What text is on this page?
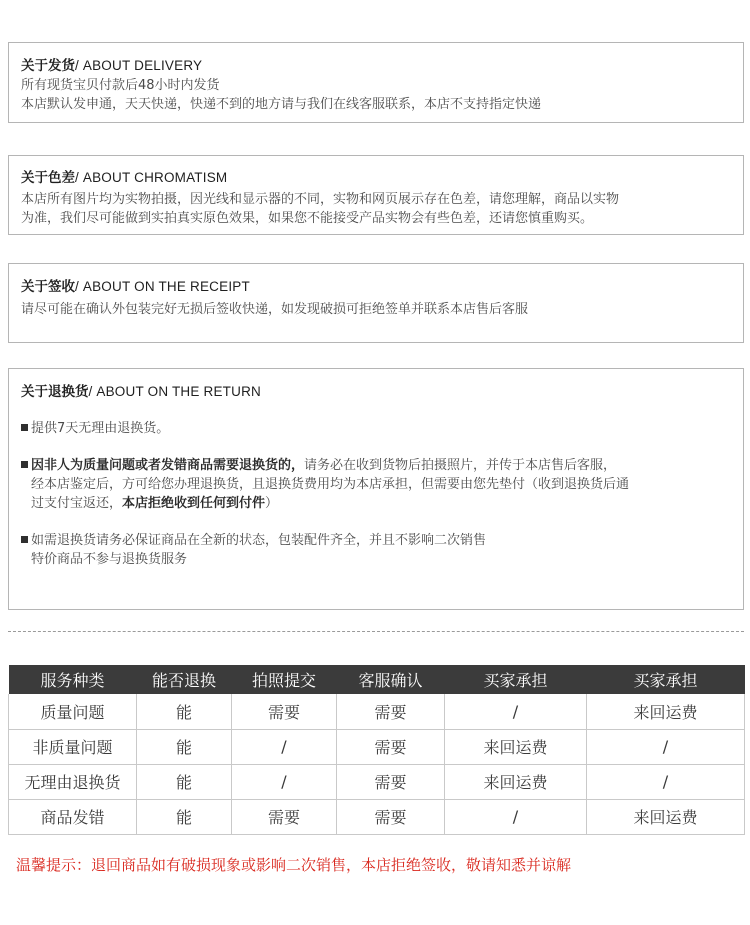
关于发货/ ABOUT DELIVERY
所有现货宝贝付款后48小时内发货
本店默认发申通，天天快递，快递不到的地方请与我们在线客服联系，本店不支持指定快递
关于色差/ ABOUT CHROMATISM
本店所有图片均为实物拍摄，因光线和显示器的不同，实物和网页展示存在色差，请您理解，商品以实物
为准，我们尽可能做到实拍真实原色效果，如果您不能接受产品实物会有些色差，还请您慎重购买。
关于签收/ ABOUT ON THE RECEIPT
请尽可能在确认外包装完好无损后签收快递，如发现破损可拒绝签单并联系本店售后客服
关于退换货/ ABOUT ON THE RETURN
提供7天无理由退换货。
因非人为质量问题或者发错商品需要退换货的，请务必在收到货物后拍摄照片，并传于本店售后客服，
经本店鉴定后，方可给您办理退换货，且退换货费用均为本店承担，但需要由您先垫付（收到退换货后通
过支付宝返还，本店拒绝收到任何到付件）
如需退换货请务必保证商品在全新的状态，包装配件齐全，并且不影响二次销售
特价商品不参与退换货服务
服务种类	能否退换	拍照提交	客服确认	买家承担	买家承担
质量问题	能	需要	需要	/	来回运费
非质量问题	能	/	需要	来回运费	/
无理由退换货	能	/	需要	来回运费	/
商品发错	能	需要	需要	/	来回运费
温馨提示：退回商品如有破损现象或影响二次销售，本店拒绝签收，敬请知悉并谅解
